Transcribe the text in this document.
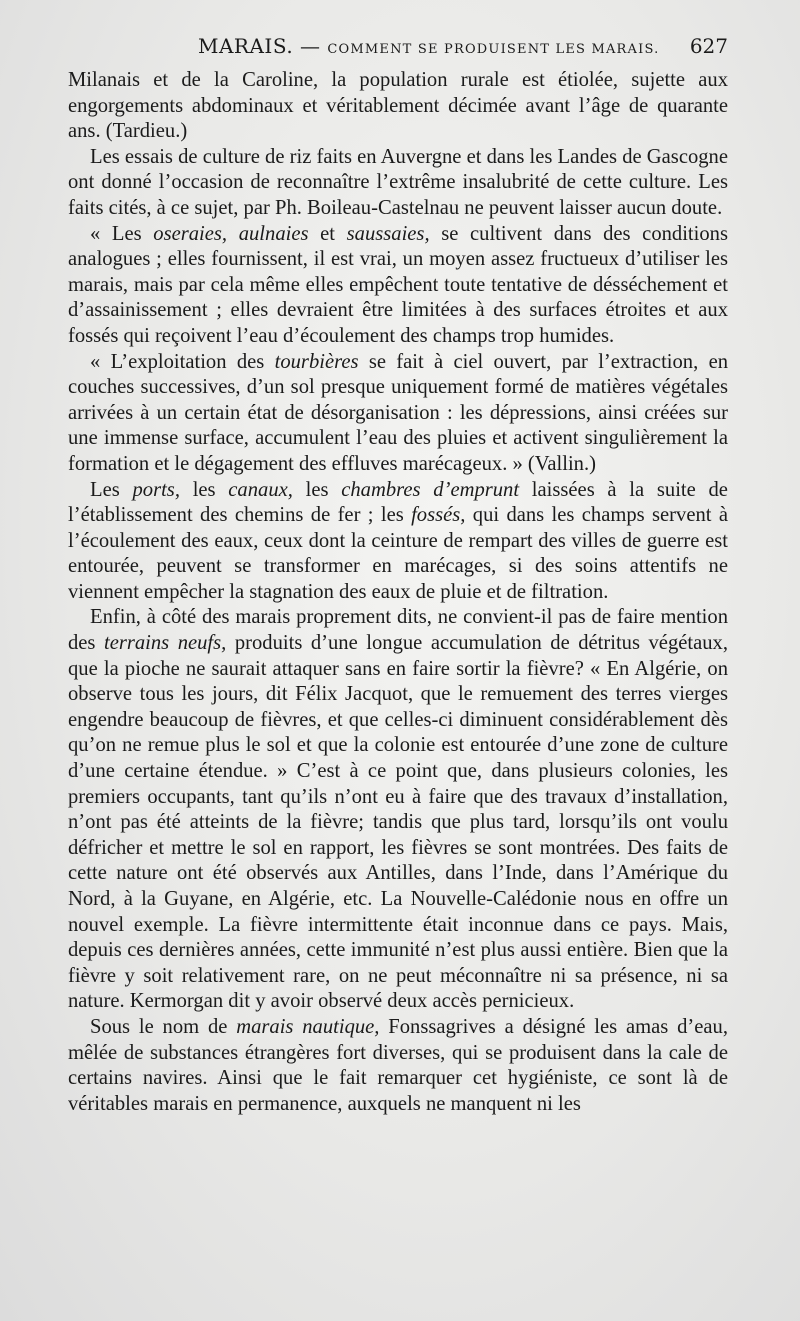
MARAIS. — COMMENT SE PRODUISENT LES MARAIS. 627

Milanais et de la Caroline, la population rurale est étiolée, sujette aux engorgements abdominaux et véritablement décimée avant l’âge de quarante ans. (Tardieu.)

Les essais de culture de riz faits en Auvergne et dans les Landes de Gascogne ont donné l’occasion de reconnaître l’extrême insalubrité de cette culture. Les faits cités, à ce sujet, par Ph. Boileau-Castelnau ne peuvent laisser aucun doute.

« Les oseraies, aulnaies et saussaies, se cultivent dans des conditions analogues ; elles fournissent, il est vrai, un moyen assez fructueux d’utiliser les marais, mais par cela même elles empêchent toute tentative de désséchement et d’assainissement ; elles devraient être limitées à des surfaces étroites et aux fossés qui reçoivent l’eau d’écoulement des champs trop humides.

« L’exploitation des tourbières se fait à ciel ouvert, par l’extraction, en couches successives, d’un sol presque uniquement formé de matières végétales arrivées à un certain état de désorganisation : les dépressions, ainsi créées sur une immense surface, accumulent l’eau des pluies et activent singulièrement la formation et le dégagement des effluves marécageux. » (Vallin.)

Les ports, les canaux, les chambres d’emprunt laissées à la suite de l’établissement des chemins de fer ; les fossés, qui dans les champs servent à l’écoulement des eaux, ceux dont la ceinture de rempart des villes de guerre est entourée, peuvent se transformer en marécages, si des soins attentifs ne viennent empêcher la stagnation des eaux de pluie et de filtration.

Enfin, à côté des marais proprement dits, ne convient-il pas de faire mention des terrains neufs, produits d’une longue accumulation de détritus végétaux, que la pioche ne saurait attaquer sans en faire sortir la fièvre? « En Algérie, on observe tous les jours, dit Félix Jacquot, que le remuement des terres vierges engendre beaucoup de fièvres, et que celles-ci diminuent considérablement dès qu’on ne remue plus le sol et que la colonie est entourée d’une zone de culture d’une certaine étendue. » C’est à ce point que, dans plusieurs colonies, les premiers occupants, tant qu’ils n’ont eu à faire que des travaux d’installation, n’ont pas été atteints de la fièvre; tandis que plus tard, lorsqu’ils ont voulu défricher et mettre le sol en rapport, les fièvres se sont montrées. Des faits de cette nature ont été observés aux Antilles, dans l’Inde, dans l’Amérique du Nord, à la Guyane, en Algérie, etc. La Nouvelle-Calédonie nous en offre un nouvel exemple. La fièvre intermittente était inconnue dans ce pays. Mais, depuis ces dernières années, cette immunité n’est plus aussi entière. Bien que la fièvre y soit relativement rare, on ne peut méconnaître ni sa présence, ni sa nature. Kermorgan dit y avoir observé deux accès pernicieux.

Sous le nom de marais nautique, Fonssagrives a désigné les amas d’eau, mêlée de substances étrangères fort diverses, qui se produisent dans la cale de certains navires. Ainsi que le fait remarquer cet hygiéniste, ce sont là de véritables marais en permanence, auxquels ne manquent ni les
